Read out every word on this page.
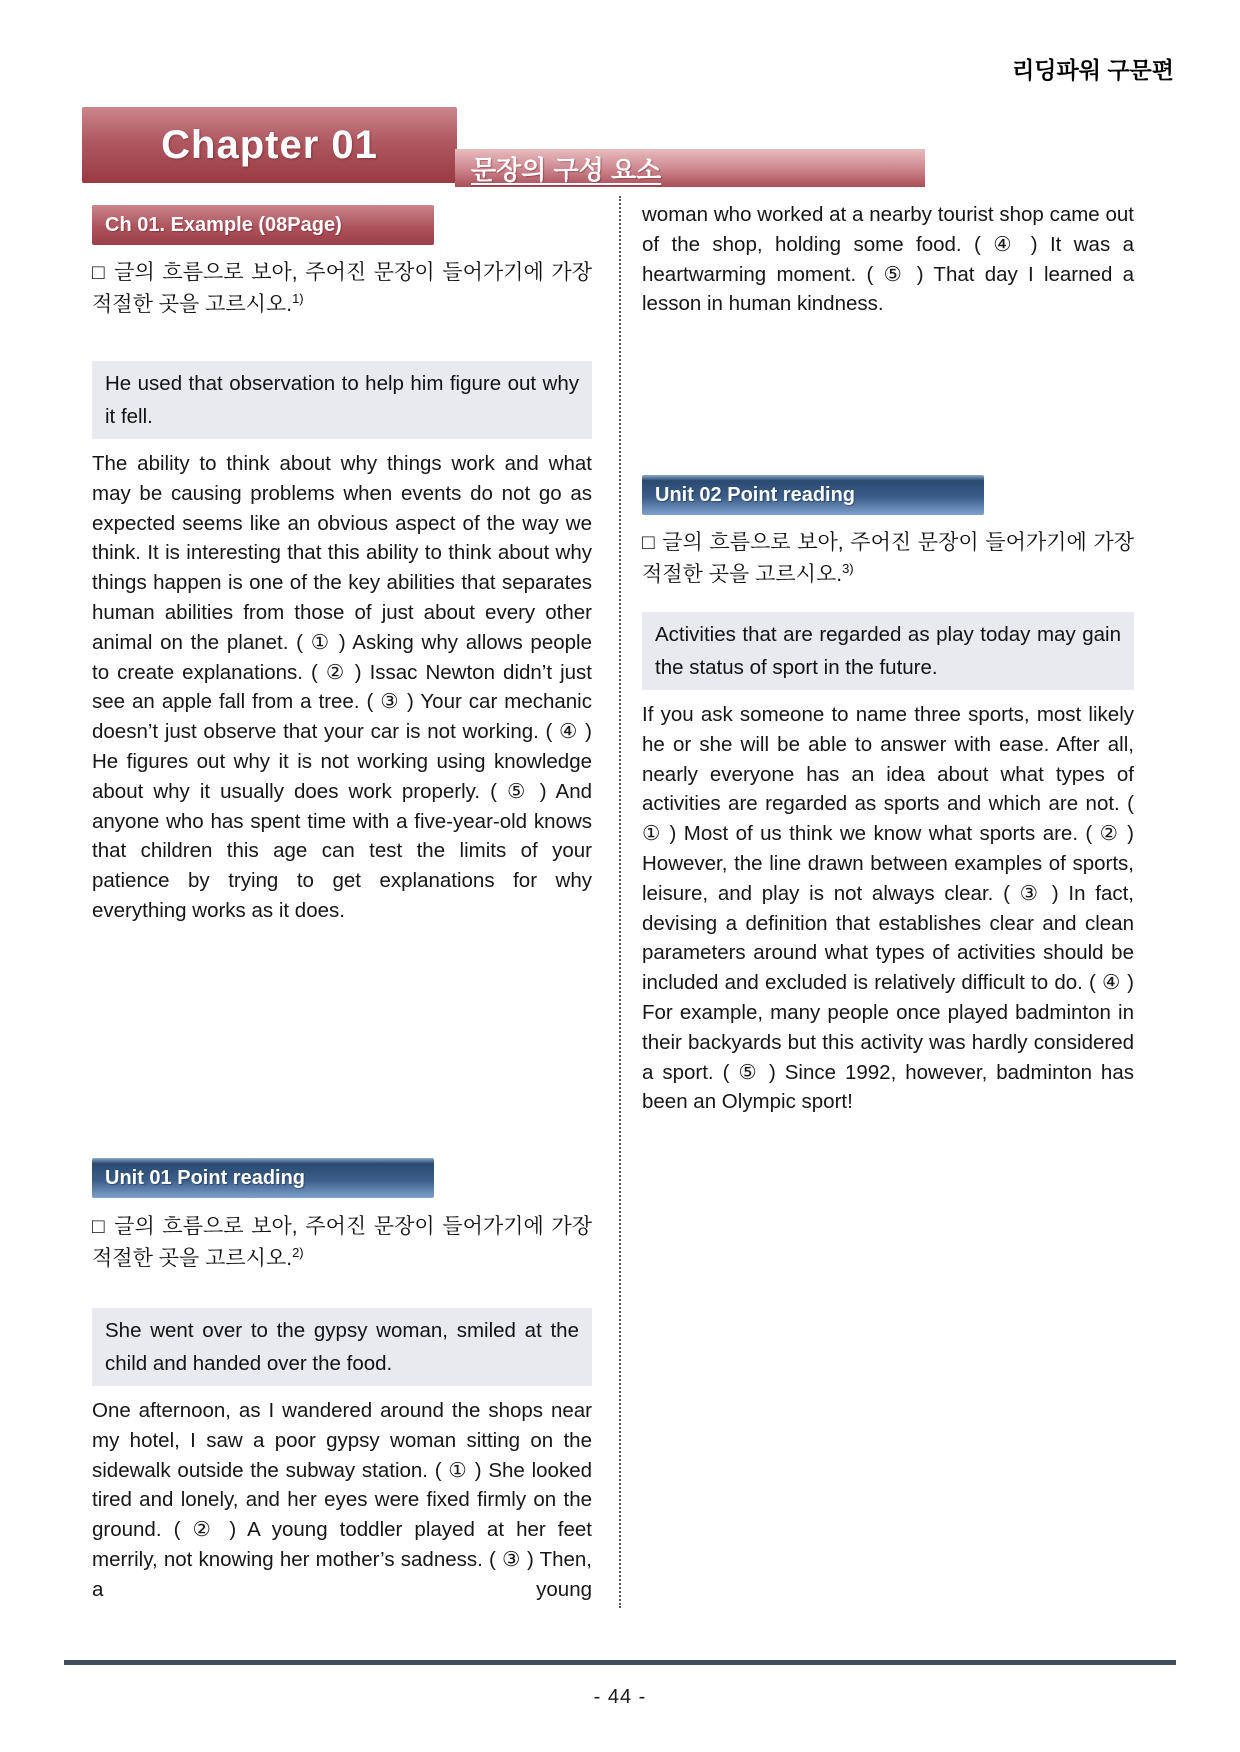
리딩파워 구문편
Chapter 01
문장의 구성 요소
Ch 01. Example (08Page)

□ 글의 흐름으로 보아, 주어진 문장이 들어가기에 가장 적절한 곳을 고르시오.$^{1)}$

He used that observation to help him figure out why it fell.

The ability to think about why things work and what may be causing problems when events do not go as expected seems like an obvious aspect of the way we think. It is interesting that this ability to think about why things happen is one of the key abilities that separates human abilities from those of just about every other animal on the planet. ( ① ) Asking why allows people to create explanations. ( ② ) Issac Newton didn’t just see an apple fall from a tree. ( ③ ) Your car mechanic doesn’t just observe that your car is not working. ( ④ ) He figures out why it is not working using knowledge about why it usually does work properly. ( ⑤ ) And anyone who has spent time with a five-year-old knows that children this age can test the limits of your patience by trying to get explanations for why everything works as it does.

Unit 01 Point reading

□ 글의 흐름으로 보아, 주어진 문장이 들어가기에 가장 적절한 곳을 고르시오.$^{2)}$

She went over to the gypsy woman, smiled at the child and handed over the food.

One afternoon, as I wandered around the shops near my hotel, I saw a poor gypsy woman sitting on the sidewalk outside the subway station. ( ① ) She looked tired and lonely, and her eyes were fixed firmly on the ground. ( ② ) A young toddler played at her feet merrily, not knowing her mother’s sadness. ( ③ ) Then, a young

woman who worked at a nearby tourist shop came out of the shop, holding some food. ( ④ ) It was a heartwarming moment. ( ⑤ ) That day I learned a lesson in human kindness.

Unit 02 Point reading

□ 글의 흐름으로 보아, 주어진 문장이 들어가기에 가장 적절한 곳을 고르시오.$^{3)}$

Activities that are regarded as play today may gain the status of sport in the future.

If you ask someone to name three sports, most likely he or she will be able to answer with ease. After all, nearly everyone has an idea about what types of activities are regarded as sports and which are not. ( ① ) Most of us think we know what sports are. ( ② ) However, the line drawn between examples of sports, leisure, and play is not always clear. ( ③ ) In fact, devising a definition that establishes clear and clean parameters around what types of activities should be included and excluded is relatively difficult to do. ( ④ ) For example, many people once played badminton in their backyards but this activity was hardly considered a sport. ( ⑤ ) Since 1992, however, badminton has been an Olympic sport!

- 44 -
